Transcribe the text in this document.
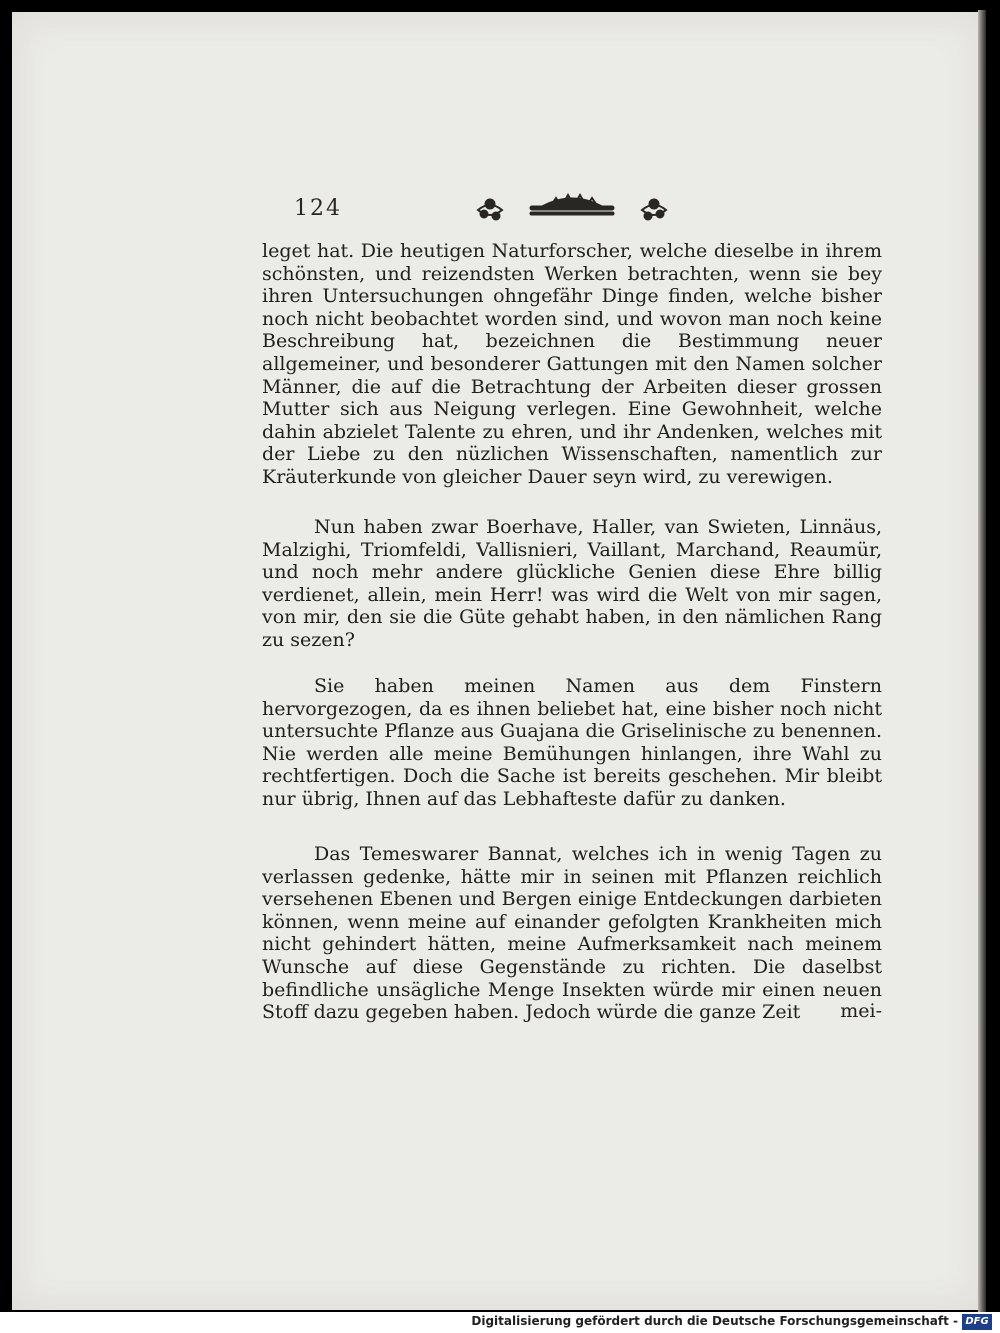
124

leget hat. Die heutigen Naturforscher, welche dieselbe in ihrem schönsten, und reizendsten Werken betrachten, wenn sie bey ihren Untersuchungen ohngefähr Dinge finden, welche bisher noch nicht beobachtet worden sind, und wovon man noch keine Beschreibung hat, bezeichnen die Bestimmung neuer allgemeiner, und besonderer Gattungen mit den Namen solcher Männer, die auf die Betrachtung der Arbeiten dieser grossen Mutter sich aus Neigung verlegen. Eine Gewohnheit, welche dahin abzielet Talente zu ehren, und ihr Andenken, welches mit der Liebe zu den nüzlichen Wissenschaften, namentlich zur Kräuterkunde von gleicher Dauer seyn wird, zu verewigen.

Nun haben zwar Boerhave, Haller, van Swieten, Linnäus, Malzighi, Triomfeldi, Vallisnieri, Vaillant, Marchand, Reaumür, und noch mehr andere glückliche Genien diese Ehre billig verdienet, allein, mein Herr! was wird die Welt von mir sagen, von mir, den sie die Güte gehabt haben, in den nämlichen Rang zu sezen?

Sie haben meinen Namen aus dem Finstern hervorgezogen, da es ihnen beliebet hat, eine bisher noch nicht untersuchte Pflanze aus Guajana die Griselinische zu benennen. Nie werden alle meine Bemühungen hinlangen, ihre Wahl zu rechtfertigen. Doch die Sache ist bereits geschehen. Mir bleibt nur übrig, Ihnen auf das Lebhafteste dafür zu danken.

Das Temeswarer Bannat, welches ich in wenig Tagen zu verlassen gedenke, hätte mir in seinen mit Pflanzen reichlich versehenen Ebenen und Bergen einige Entdeckungen darbieten können, wenn meine auf einander gefolgten Krankheiten mich nicht gehindert hätten, meine Aufmerksamkeit nach meinem Wunsche auf diese Gegenstände zu richten. Die daselbst befindliche unsägliche Menge Insekten würde mir einen neuen Stoff dazu gegeben haben. Jedoch würde die ganze Zeit	mei-
Digitalisierung gefördert durch die Deutsche Forschungsgemeinschaft - DFG
